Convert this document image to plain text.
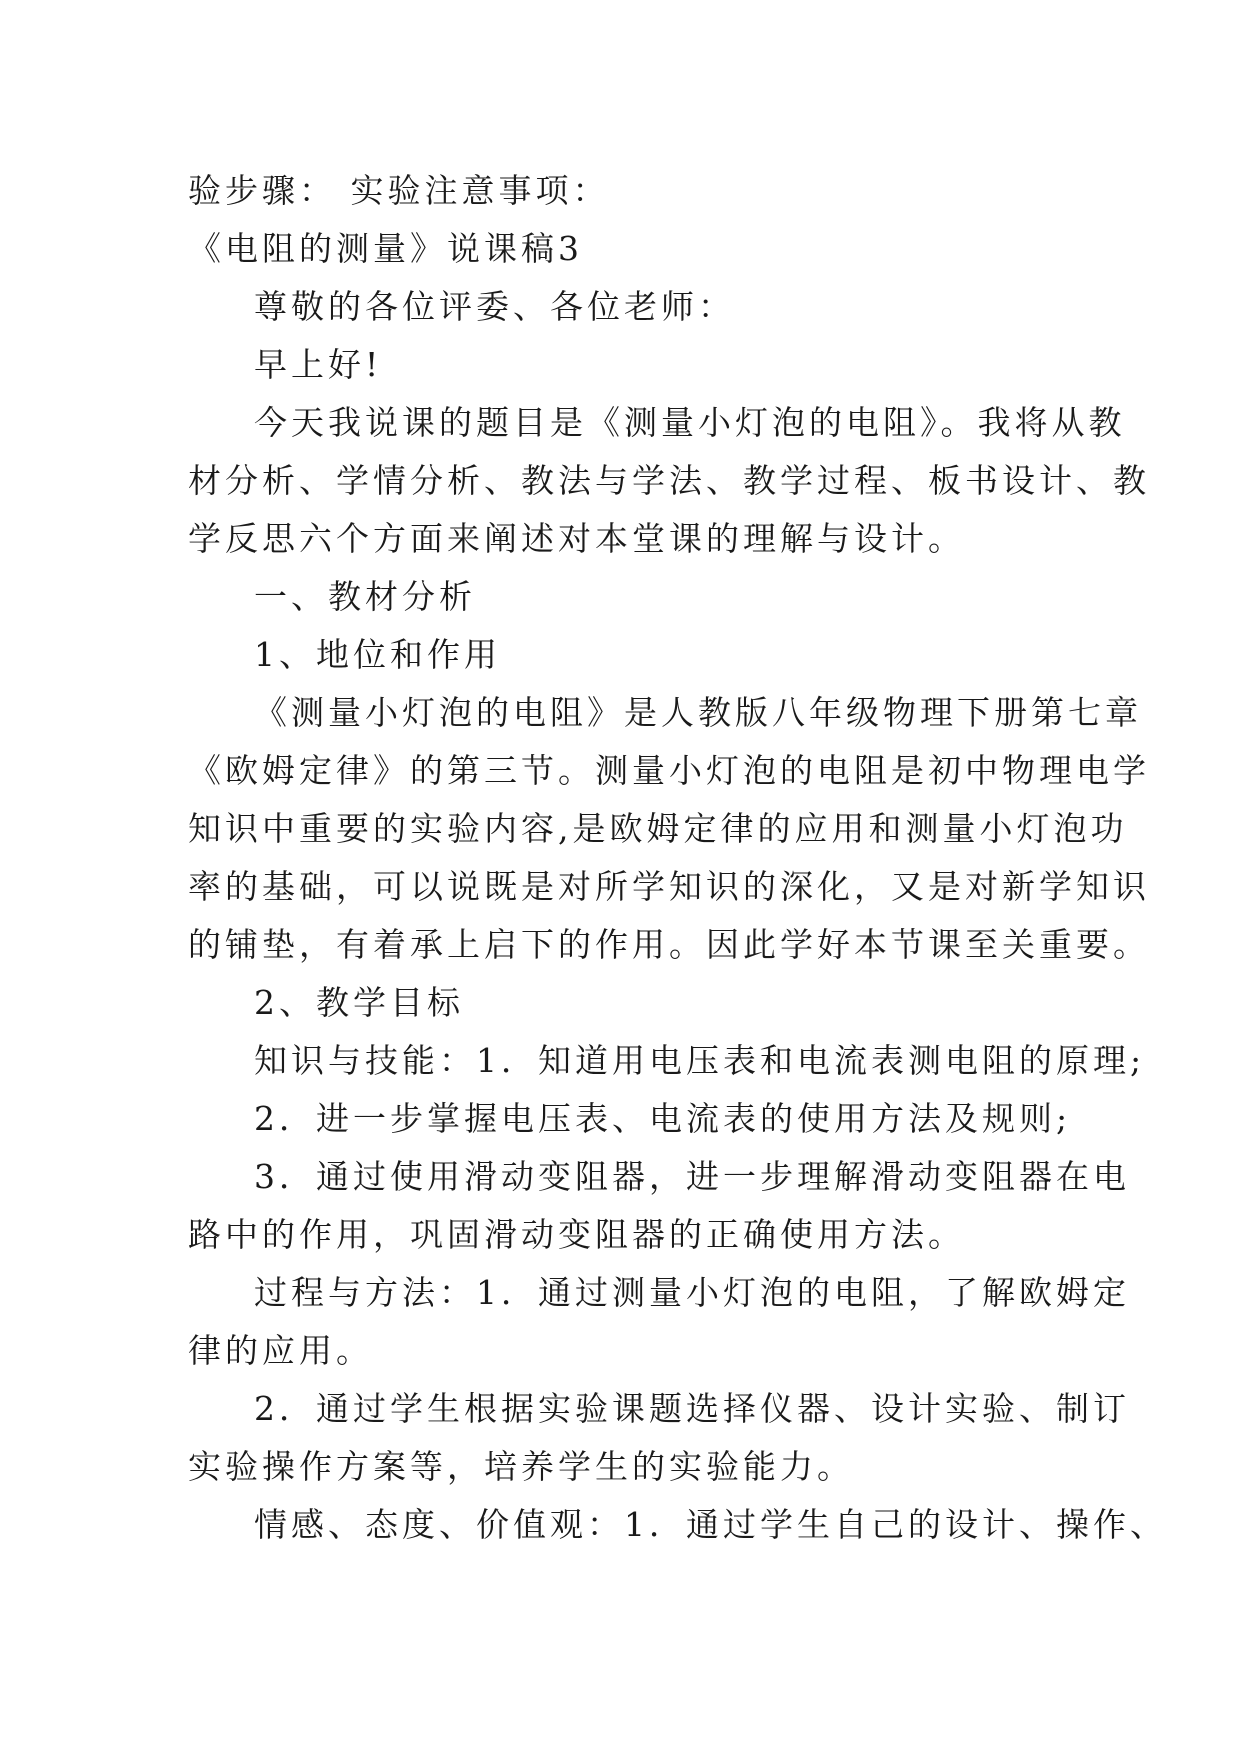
验步骤： 实验注意事项：
《电阻的测量》说课稿3
尊敬的各位评委、各位老师：
早上好!
今天我说课的题目是《测量小灯泡的电阻》。我将从教
材分析、学情分析、教法与学法、教学过程、板书设计、教
学反思六个方面来阐述对本堂课的理解与设计。
一、教材分析
1、地位和作用
《测量小灯泡的电阻》是人教版八年级物理下册第七章
《欧姆定律》的第三节。测量小灯泡的电阻是初中物理电学
知识中重要的实验内容,是欧姆定律的应用和测量小灯泡功
率的基础，可以说既是对所学知识的深化，又是对新学知识
的铺垫，有着承上启下的作用。因此学好本节课至关重要。
2、教学目标
知识与技能：1．知道用电压表和电流表测电阻的原理;
2．进一步掌握电压表、电流表的使用方法及规则;
3．通过使用滑动变阻器，进一步理解滑动变阻器在电
路中的作用，巩固滑动变阻器的正确使用方法。
过程与方法：1．通过测量小灯泡的电阻，了解欧姆定
律的应用。
2．通过学生根据实验课题选择仪器、设计实验、制订
实验操作方案等，培养学生的实验能力。
情感、态度、价值观：1．通过学生自己的设计、操作、
